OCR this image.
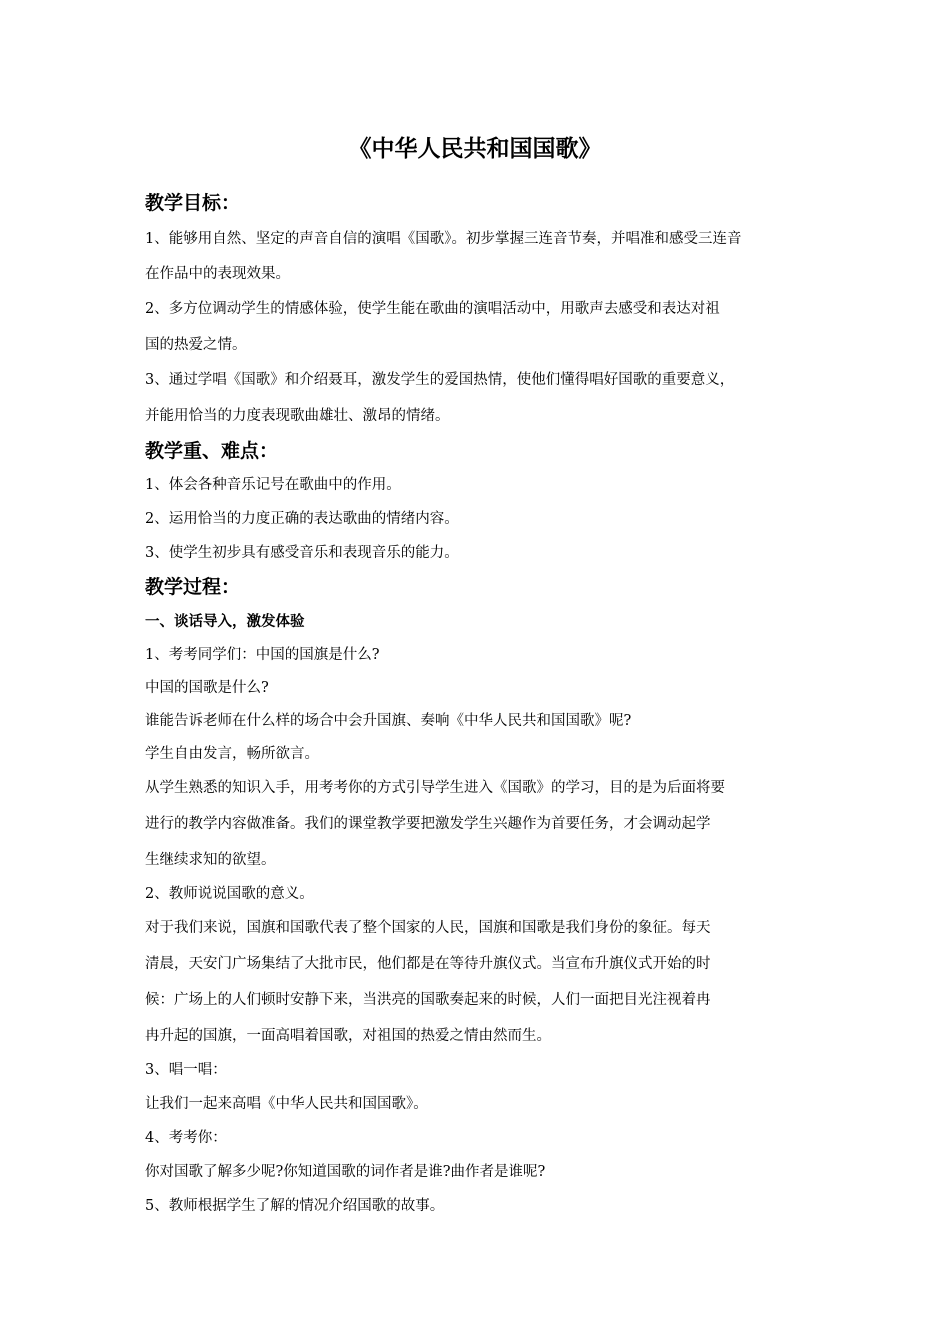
《中华人民共和国国歌》
教学目标：

1、能够用自然、坚定的声音自信的演唱《国歌》。初步掌握三连音节奏，并唱准和感受三连音

在作品中的表现效果。

2、多方位调动学生的情感体验，使学生能在歌曲的演唱活动中，用歌声去感受和表达对祖

国的热爱之情。

3、通过学唱《国歌》和介绍聂耳，激发学生的爱国热情，使他们懂得唱好国歌的重要意义，

并能用恰当的力度表现歌曲雄壮、激昂的情绪。

教学重、难点：

1、体会各种音乐记号在歌曲中的作用。

2、运用恰当的力度正确的表达歌曲的情绪内容。

3、使学生初步具有感受音乐和表现音乐的能力。

教学过程：
一、谈话导入，激发体验

1、考考同学们：中国的国旗是什么?

中国的国歌是什么?

谁能告诉老师在什么样的场合中会升国旗、奏响《中华人民共和国国歌》呢?

学生自由发言，畅所欲言。

从学生熟悉的知识入手，用考考你的方式引导学生进入《国歌》的学习，目的是为后面将要

进行的教学内容做准备。我们的课堂教学要把激发学生兴趣作为首要任务，才会调动起学

生继续求知的欲望。

2、教师说说国歌的意义。

对于我们来说，国旗和国歌代表了整个国家的人民，国旗和国歌是我们身份的象征。每天

清晨，天安门广场集结了大批市民，他们都是在等待升旗仪式。当宣布升旗仪式开始的时

候：广场上的人们顿时安静下来，当洪亮的国歌奏起来的时候，人们一面把目光注视着冉

冉升起的国旗，一面高唱着国歌，对祖国的热爱之情由然而生。

3、唱一唱：

让我们一起来高唱《中华人民共和国国歌》。

4、考考你：

你对国歌了解多少呢?你知道国歌的词作者是谁?曲作者是谁呢?

5、教师根据学生了解的情况介绍国歌的故事。
